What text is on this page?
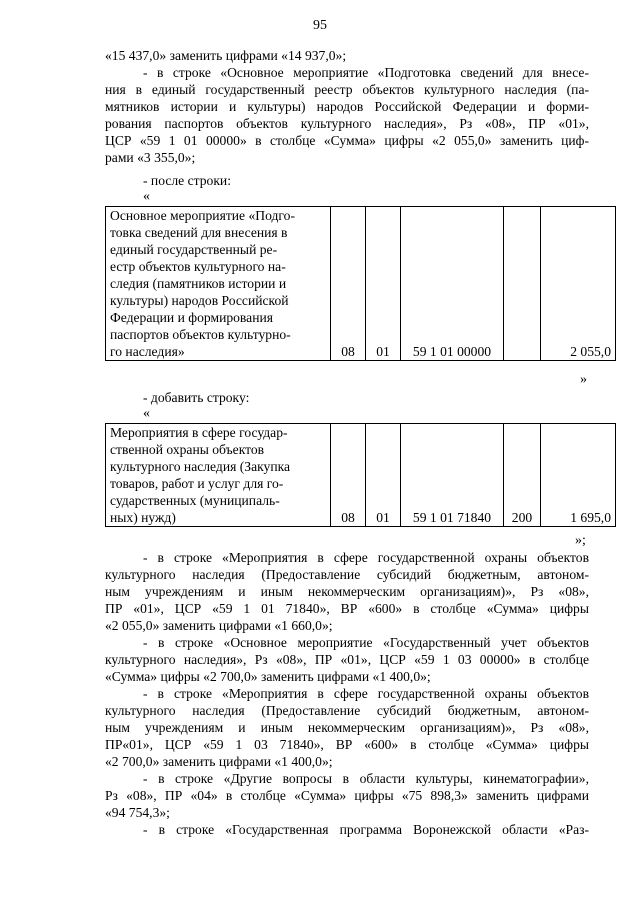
95
«15 437,0» заменить цифрами «14 937,0»;
- в строке «Основное мероприятие «Подготовка сведений для внесе-
ния в единый государственный реестр объектов культурного наследия (па-
мятников истории и культуры) народов Российской Федерации и форми-
рования паспортов объектов культурного наследия», Рз «08», ПР «01»,
ЦСР «59 1 01 00000» в столбце «Сумма» цифры «2 055,0» заменить циф-
рами «3 355,0»;
- после строки:
«
Основное мероприятие «Подго-
товка сведений для внесения в
единый государственный ре-
естр объектов культурного на-
следия (памятников истории и
культуры) народов Российской
Федерации и формирования
паспортов объектов культурно-
го наследия»	08	01	59 1 01 00000		2 055,0
»
- добавить строку:
«
Мероприятия в сфере государ-
ственной охраны объектов
культурного наследия (Закупка
товаров, работ и услуг для го-
сударственных (муниципаль-
ных) нужд)	08	01	59 1 01 71840	200	1 695,0
»;
- в строке «Мероприятия в сфере государственной охраны объектов
культурного наследия (Предоставление субсидий бюджетным, автоном-
ным учреждениям и иным некоммерческим организациям)», Рз «08»,
ПР «01», ЦСР «59 1 01 71840», ВР «600» в столбце «Сумма» цифры
«2 055,0» заменить цифрами «1 660,0»;
- в строке «Основное мероприятие «Государственный учет объектов
культурного наследия», Рз «08», ПР «01», ЦСР «59 1 03 00000» в столбце
«Сумма» цифры «2 700,0» заменить цифрами «1 400,0»;
- в строке «Мероприятия в сфере государственной охраны объектов
культурного наследия (Предоставление субсидий бюджетным, автоном-
ным учреждениям и иным некоммерческим организациям)», Рз «08»,
ПР«01», ЦСР «59 1 03 71840», ВР «600» в столбце «Сумма» цифры
«2 700,0» заменить цифрами «1 400,0»;
- в строке «Другие вопросы в области культуры, кинематографии»,
Рз «08», ПР «04» в столбце «Сумма» цифры «75 898,3» заменить цифрами
«94 754,3»;
- в строке «Государственная программа Воронежской области «Раз-
